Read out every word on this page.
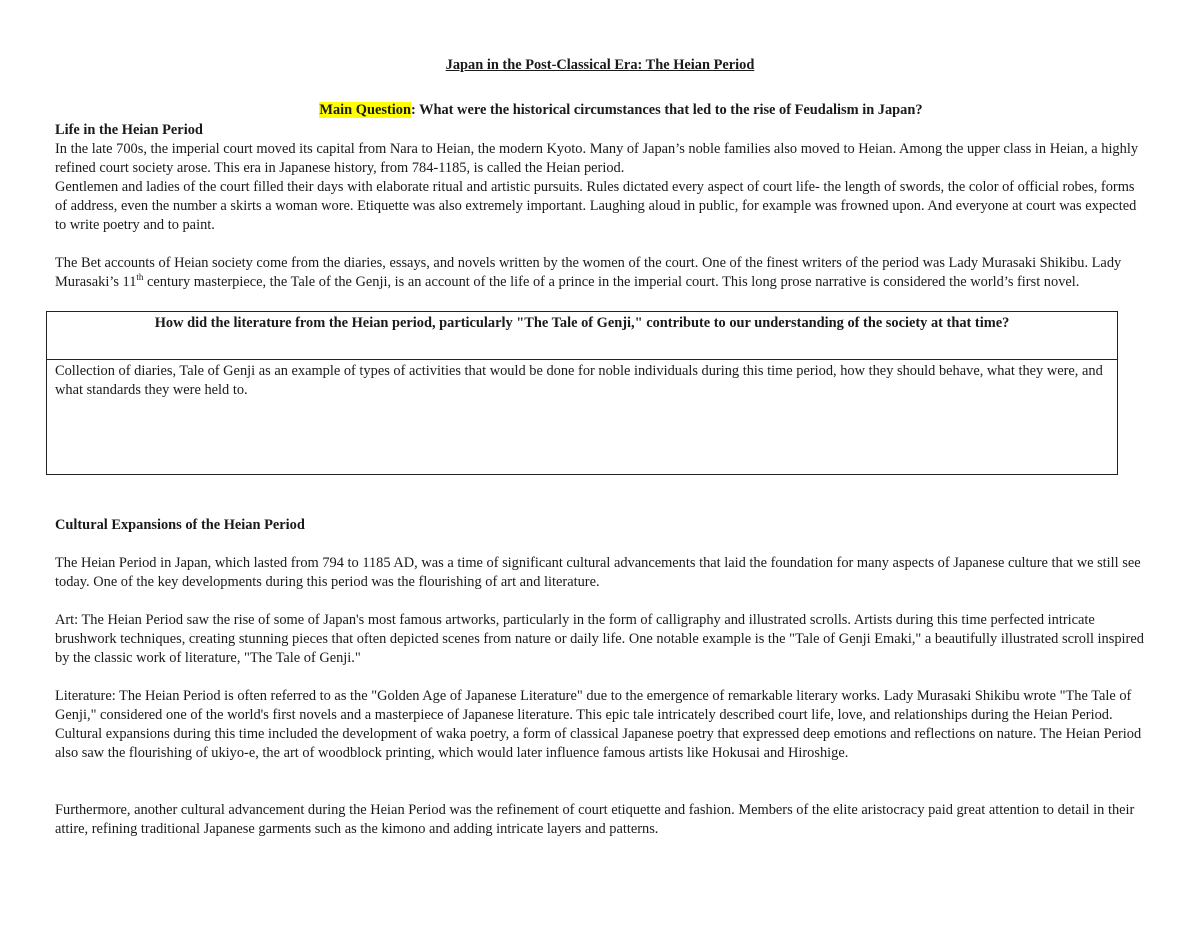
Japan in the Post-Classical Era: The Heian Period

Main Question: What were the historical circumstances that led to the rise of Feudalism in Japan?

Life in the Heian Period

In the late 700s, the imperial court moved its capital from Nara to Heian, the modern Kyoto. Many of Japan’s noble families also moved to Heian. Among the upper class in Heian, a highly refined court society arose. This era in Japanese history, from 784-1185, is called the Heian period.

Gentlemen and ladies of the court filled their days with elaborate ritual and artistic pursuits. Rules dictated every aspect of court life- the length of swords, the color of official robes, forms of address, even the number a skirts a woman wore. Etiquette was also extremely important. Laughing aloud in public, for example was frowned upon. And everyone at court was expected to write poetry and to paint.

The Bet accounts of Heian society come from the diaries, essays, and novels written by the women of the court. One of the finest writers of the period was Lady Murasaki Shikibu. Lady Murasaki’s 11th century masterpiece, the Tale of the Genji, is an account of the life of a prince in the imperial court. This long prose narrative is considered the world’s first novel.

How did the literature from the Heian period, particularly "The Tale of Genji," contribute to our understanding of the society at that time?
Collection of diaries, Tale of Genji as an example of types of activities that would be done for noble individuals during this time period, how they should behave, what they were, and what standards they were held to.

Cultural Expansions of the Heian Period

The Heian Period in Japan, which lasted from 794 to 1185 AD, was a time of significant cultural advancements that laid the foundation for many aspects of Japanese culture that we still see today. One of the key developments during this period was the flourishing of art and literature.

Art: The Heian Period saw the rise of some of Japan's most famous artworks, particularly in the form of calligraphy and illustrated scrolls. Artists during this time perfected intricate brushwork techniques, creating stunning pieces that often depicted scenes from nature or daily life. One notable example is the "Tale of Genji Emaki," a beautifully illustrated scroll inspired by the classic work of literature, "The Tale of Genji."

Literature: The Heian Period is often referred to as the "Golden Age of Japanese Literature" due to the emergence of remarkable literary works. Lady Murasaki Shikibu wrote "The Tale of Genji," considered one of the world's first novels and a masterpiece of Japanese literature. This epic tale intricately described court life, love, and relationships during the Heian Period. Cultural expansions during this time included the development of waka poetry, a form of classical Japanese poetry that expressed deep emotions and reflections on nature. The Heian Period also saw the flourishing of ukiyo-e, the art of woodblock printing, which would later influence famous artists like Hokusai and Hiroshige.

Furthermore, another cultural advancement during the Heian Period was the refinement of court etiquette and fashion. Members of the elite aristocracy paid great attention to detail in their attire, refining traditional Japanese garments such as the kimono and adding intricate layers and patterns.
